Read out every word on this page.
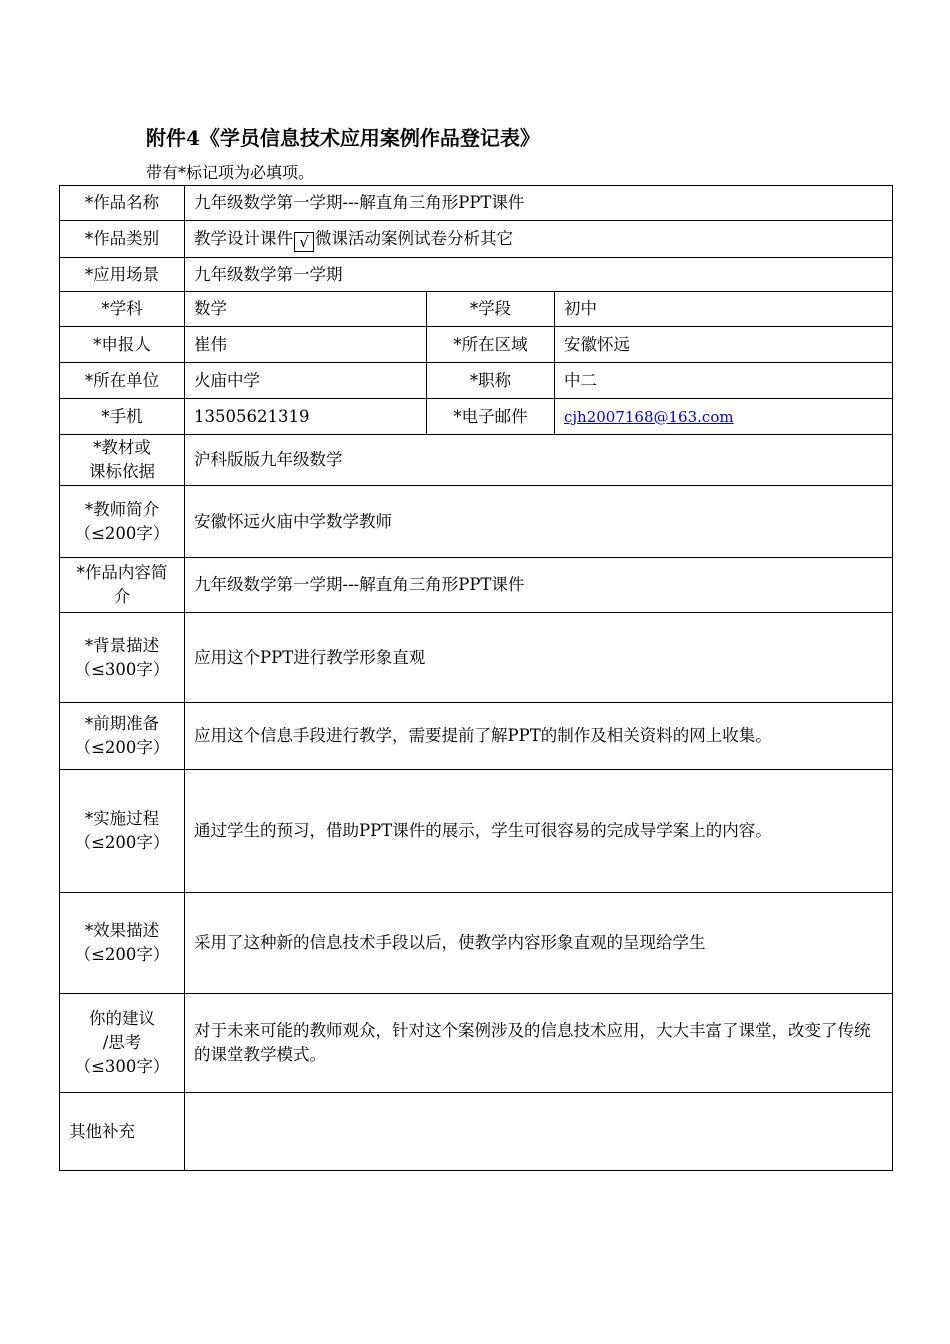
附件4《学员信息技术应用案例作品登记表》
带有*标记项为必填项。
*作品名称	九年级数学第一学期---解直角三角形PPT课件		
*作品类别	教学设计课件 √ 微课活动案例试卷分析其它		
*应用场景	九年级数学第一学期		
*学科	数学	*学段	初中
*申报人	崔伟	*所在区域	安徽怀远
*所在单位	火庙中学	*职称	中二
*手机	13505621319	*电子邮件	cjh2007168@163.com

*教材或
课标依据	沪科版版九年级数学		

*教师简介
（≤200字）	安徽怀远火庙中学数学教师		

*作品内容简
介	九年级数学第一学期---解直角三角形PPT课件		

*背景描述
（≤300字）	应用这个PPT进行教学形象直观		

*前期准备
（≤200字）	应用这个信息手段进行教学，需要提前了解PPT的制作及相关资料的网上收集。		

*实施过程
（≤200字）	通过学生的预习，借助PPT课件的展示，学生可很容易的完成导学案上的内容。		

*效果描述
（≤200字）	采用了这种新的信息技术手段以后，使教学内容形象直观的呈现给学生		

你的建议
/思考
（≤300字）	对于未来可能的教师观众，针对这个案例涉及的信息技术应用，大大丰富了课堂，改变了传统的课堂教学模式。		
其他补充			
